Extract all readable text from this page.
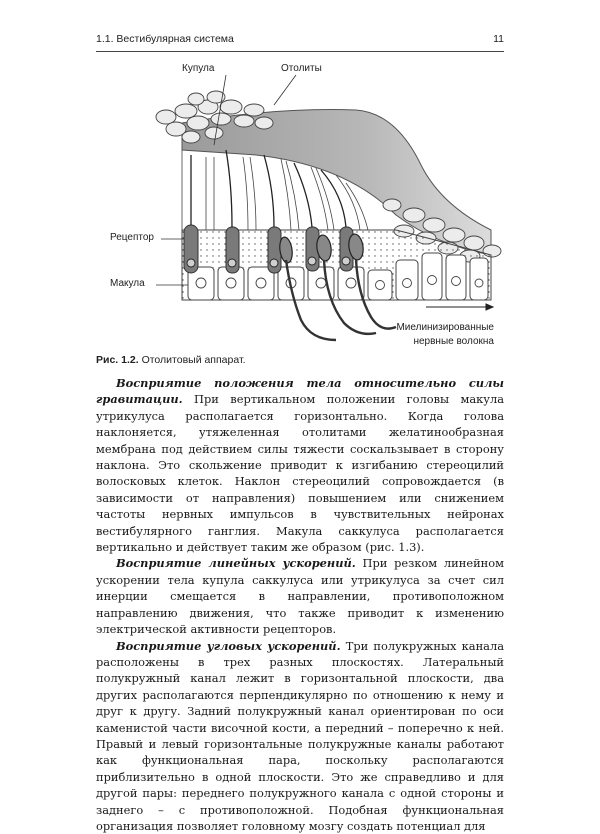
1.1. Вестибулярная система	11
Купула	Отолиты
Рецептор
Макула
Миелинизированные
нервные волокна
Рис. 1.2. Отолитовый аппарат.

Восприятие положения тела относительно силы гравитации. При вертикальном положении головы макула утрикулуса располагается горизонтально. Когда голова наклоняется, утяжеленная отолитами желатинообразная мембрана под действием силы тяжести соскальзывает в сторону наклона. Это скольжение приводит к изгибанию стереоцилий волосковых клеток. Наклон стереоцилий сопровождается (в зависимости от направления) повышением или снижением частоты нервных импульсов в чувствительных нейронах вестибулярного ганглия. Макула саккулуса располагается вертикально и действует таким же образом (рис. 1.3).

Восприятие линейных ускорений. При резком линейном ускорении тела купула саккулуса или утрикулуса за счет сил инерции смещается в направлении, противоположном направлению движения, что также приводит к изменению электрической активности рецепторов.

Восприятие угловых ускорений. Три полукружных канала расположены в трех разных плоскостях. Латеральный полукружный канал лежит в горизонтальной плоскости, два других располагаются перпендикулярно по отношению к нему и друг к другу. Задний полукружный канал ориентирован по оси каменистой части височной кости, а передний – поперечно к ней. Правый и левый горизонтальные полукружные каналы работают как функциональная пара, поскольку располагаются приблизительно в одной плоскости. Это же справедливо и для другой пары: переднего полукружного канала с одной стороны и заднего – с противоположной. Подобная функциональная организация позволяет головному мозгу создать потенциал для
